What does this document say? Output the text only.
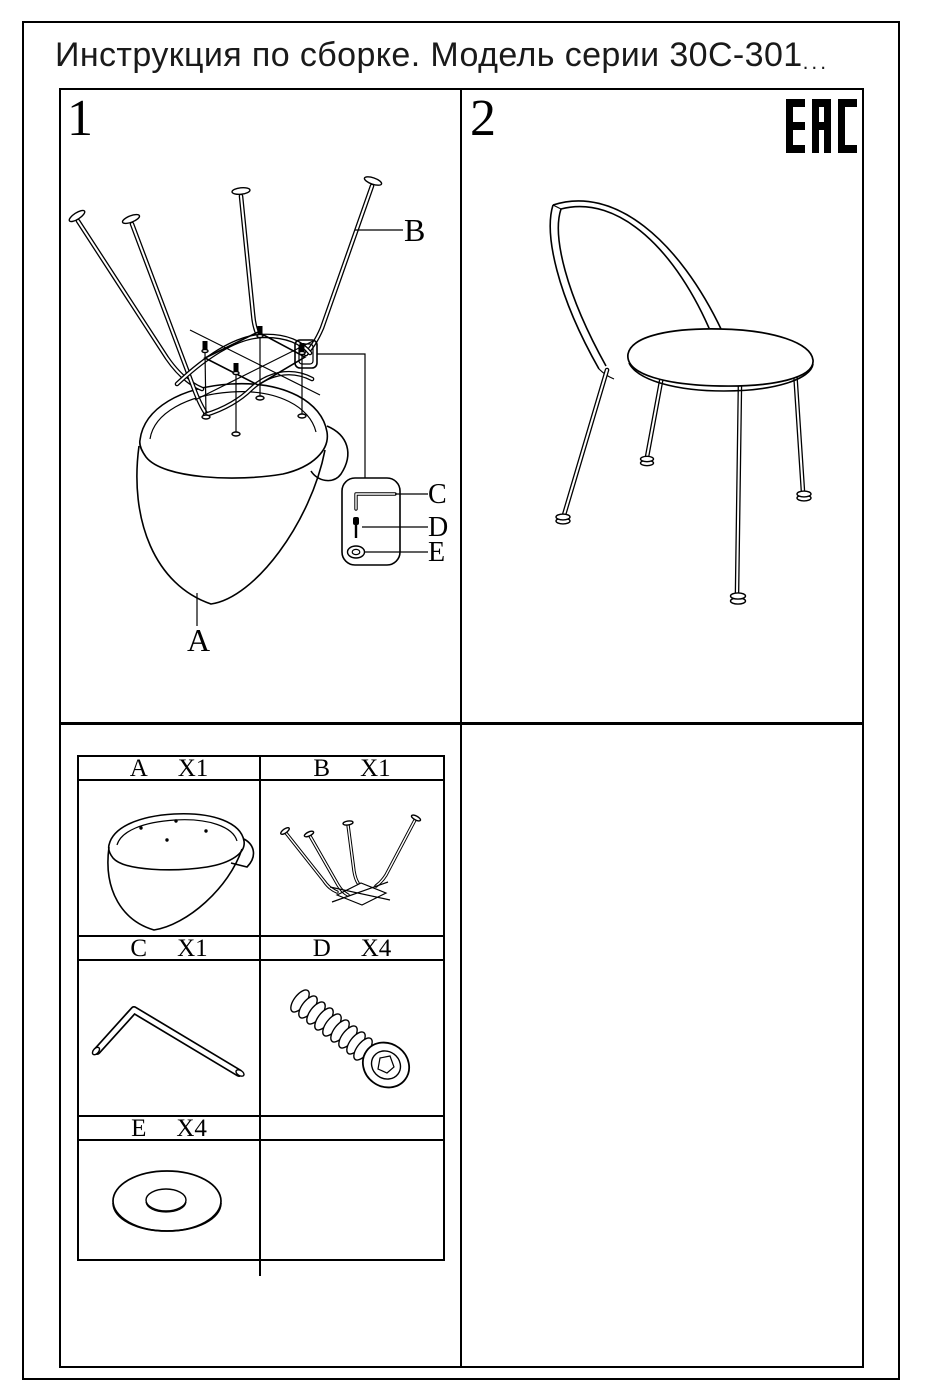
Инструкция по сборке. Модель серии 30С-301...
1	2
A
B
C
D
E
A X1	B X1
C X1	D X4
E X4
